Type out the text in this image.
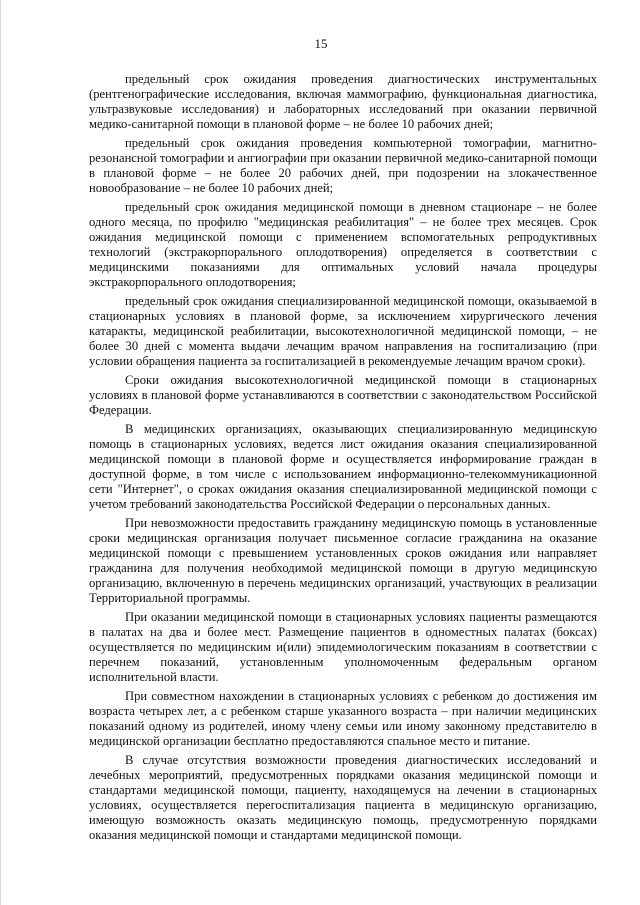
15

предельный срок ожидания проведения диагностических инструментальных (рентгенографические исследования, включая маммографию, функциональная диагностика, ультразвуковые исследования) и лабораторных исследований при оказании первичной медико-санитарной помощи в плановой форме – не более 10 рабочих дней;

предельный срок ожидания проведения компьютерной томографии, магнитно-резонансной томографии и ангиографии при оказании первичной медико-санитарной помощи в плановой форме – не более 20 рабочих дней, при подозрении на злокачественное новообразование – не более 10 рабочих дней;

предельный срок ожидания медицинской помощи в дневном стационаре – не более одного месяца, по профилю "медицинская реабилитация" – не более трех месяцев. Срок ожидания медицинской помощи с применением вспомогательных репродуктивных технологий (экстракорпорального оплодотворения) определяется в соответствии с медицинскими показаниями для оптимальных условий начала процедуры экстракорпорального оплодотворения;

предельный срок ожидания специализированной медицинской помощи, оказываемой в стационарных условиях в плановой форме, за исключением хирургического лечения катаракты, медицинской реабилитации, высокотехнологичной медицинской помощи, – не более 30 дней с момента выдачи лечащим врачом направления на госпитализацию (при условии обращения пациента за госпитализацией в рекомендуемые лечащим врачом сроки).

Сроки ожидания высокотехнологичной медицинской помощи в стационарных условиях в плановой форме устанавливаются в соответствии с законодательством Российской Федерации.

В медицинских организациях, оказывающих специализированную медицинскую помощь в стационарных условиях, ведется лист ожидания оказания специализированной медицинской помощи в плановой форме и осуществляется информирование граждан в доступной форме, в том числе с использованием информационно-телекоммуникационной сети "Интернет", о сроках ожидания оказания специализированной медицинской помощи с учетом требований законодательства Российской Федерации о персональных данных.

При невозможности предоставить гражданину медицинскую помощь в установленные сроки медицинская организация получает письменное согласие гражданина на оказание медицинской помощи с превышением установленных сроков ожидания или направляет гражданина для получения необходимой медицинской помощи в другую медицинскую организацию, включенную в перечень медицинских организаций, участвующих в реализации Территориальной программы.

При оказании медицинской помощи в стационарных условиях пациенты размещаются в палатах на два и более мест. Размещение пациентов в одноместных палатах (боксах) осуществляется по медицинским и(или) эпидемиологическим показаниям в соответствии с перечнем показаний, установленным уполномоченным федеральным органом исполнительной власти.

При совместном нахождении в стационарных условиях с ребенком до достижения им возраста четырех лет, а с ребенком старше указанного возраста – при наличии медицинских показаний одному из родителей, иному члену семьи или иному законному представителю в медицинской организации бесплатно предоставляются спальное место и питание.

В случае отсутствия возможности проведения диагностических исследований и лечебных мероприятий, предусмотренных порядками оказания медицинской помощи и стандартами медицинской помощи, пациенту, находящемуся на лечении в стационарных условиях, осуществляется перегоспитализация пациента в медицинскую организацию, имеющую возможность оказать медицинскую помощь, предусмотренную порядками оказания медицинской помощи и стандартами медицинской помощи.
